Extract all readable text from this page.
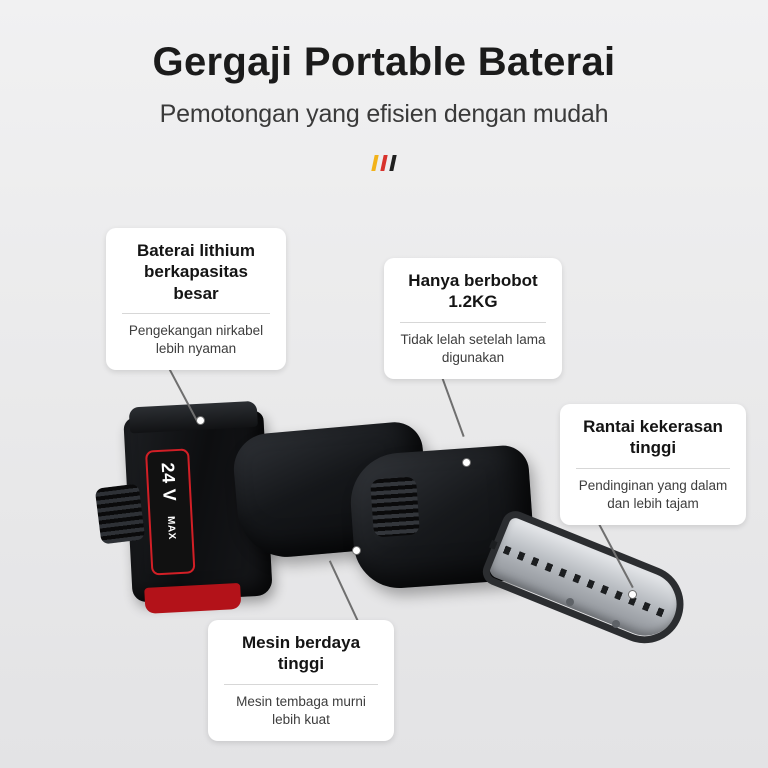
Gergaji Portable Baterai
Pemotongan yang efisien dengan mudah
24 V
MAX
Baterai lithium berkapasitas besar
Pengekangan nirkabel lebih nyaman
Hanya berbobot 1.2KG
Tidak lelah setelah lama digunakan
Rantai kekerasan tinggi
Pendinginan yang dalam dan lebih tajam
Mesin berdaya tinggi
Mesin tembaga murni lebih kuat
